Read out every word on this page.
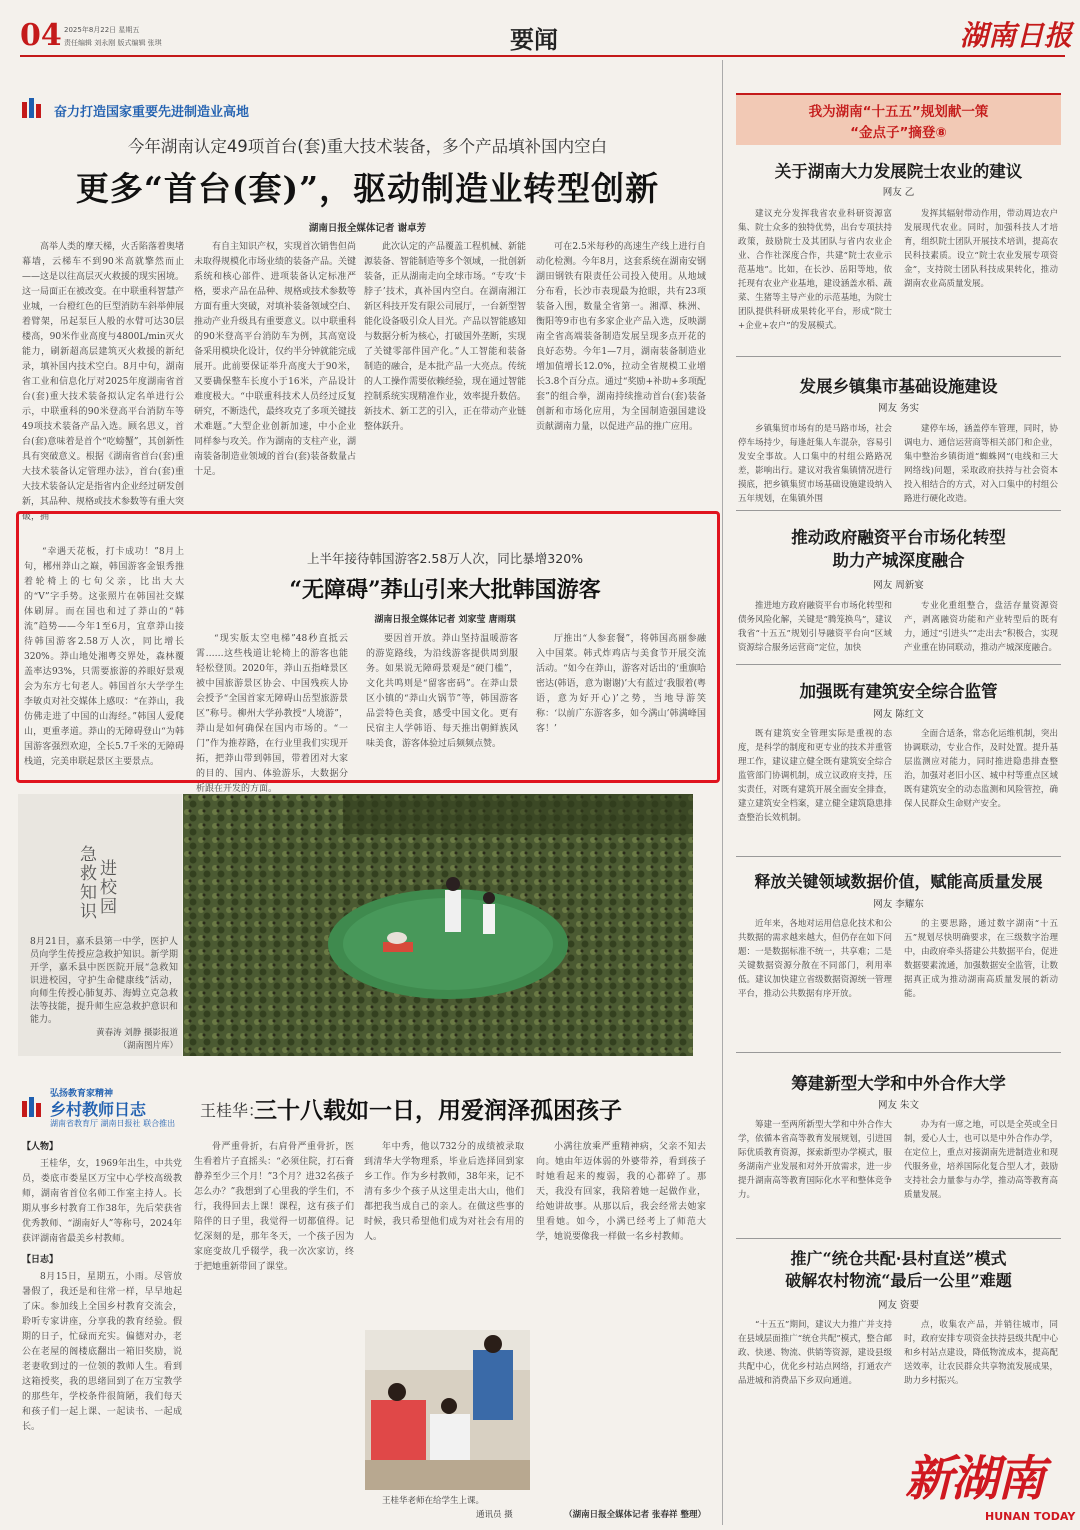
04 2025年8月22日 星期五
责任编辑 刘永刚 版式编辑 张琪	要闻	湖南日报
奋力打造国家重要先进制造业高地
今年湖南认定49项首台(套)重大技术装备，多个产品填补国内空白
更多“首台(套)”，驱动制造业转型创新
湖南日报全媒体记者 谢卓芳

高举人类的摩天梯，火舌陷落着奥堵幕墙，云梯车不到90米高就擎然而止——这是以往高层灭火救援的现实困境。这一局面正在被改变。在中联重科智慧产业城，一台橙红色的巨型消防车斜举伸展着臂架，吊起泵巨人般的水臂可达30层楼高，90米作业高度与4800L/min灭火能力，刷新超高层建筑灭火救援的新纪录，填补国内技术空白。8月中旬，湖南省工业和信息化厅对2025年度湖南省首台(套)重大技术装备拟认定名单进行公示，中联重科的90米登高平台消防车等49项技术装备产品入选。顾名思义，首台(套)意味着是首个“吃螃蟹”，其创新性具有突破意义。根据《湖南省首台(套)重大技术装备认定管理办法》，首台(套)重大技术装备认定是指省内企业经过研发创新，其品种、规格或技术参数等有重大突破，拥

有自主知识产权，实现首次销售但尚未取得规模化市场业绩的装备产品。关键系统和核心部件、进项装备认定标准严格，要求产品在品种、规格或技术参数等方面有重大突破，对填补装备领域空白、推动产业升级具有重要意义。以中联重科的90米登高平台消防车为例，其高宽设备采用模块化设计，仅约半分钟就能完成展开。此前要保证举升高度大于90米，又要确保整车长度小于16米，产品设计难度极大。“中联重科技术人员经过反复研究，不断迭代，最终攻克了多项关键技术难题。”大型企业创新加速，中小企业同样参与攻关。作为湖南的支柱产业，湖南装备制造业领域的首台(套)装备数量占十足。

此次认定的产品覆盖工程机械、新能源装备、智能制造等多个领域，一批创新装备，正从湖南走向全球市场。“专攻‘卡脖子’技术，真补国内空白。在湖南湘江新区科技开发有限公司展厅，一台新型智能化设备吸引众人目光。产品以智能感知与数据分析为核心，打破国外垄断，实现了关键零部件国产化。”人工智能和装备制造的融合，是本批产品一大亮点。传统的人工操作需要依赖经验，现在通过智能控制系统实现精准作业，效率提升数倍。新技术、新工艺的引入，正在带动产业链整体跃升。

可在2.5米每秒的高速生产线上进行自动化检测。今年8月，这套系统在湖南安钢湖田钢铁有限责任公司投入使用。从地域分布看，长沙市表现最为抢眼，共有23项装备入围，数量全省第一。湘潭、株洲、衡阳等9市也有多家企业产品入选，反映湖南全省高端装备制造发展呈现多点开花的良好态势。今年1—7月，湖南装备制造业增加值增长12.0%，拉动全省规模工业增长3.8个百分点。通过“奖励+补助+多项配套”的组合拳，湖南持续推动首台(套)装备创新和市场化应用，为全国制造强国建设贡献湖南力量，以促进产品的推广应用。

上半年接待韩国游客2.58万人次，同比暴增320%
“无障碍”莽山引来大批韩国游客
湖南日报全媒体记者 刘家莹 唐雨琪

“幸遇天花板，打卡成功！”8月上旬，郴州莽山之巅，韩国游客金银秀推着轮椅上的七旬父亲，比出大大的“V”字手势。这张照片在韩国社交媒体刷屏。而在国也和过了莽山的“韩流”趋势——今年1至6月，宜章莽山接待韩国游客2.58万人次，同比增长320%。莽山地处湘粤交界处，森林覆盖率达93%，只需要旅游的养眼好景观会为东方七旬老人。韩国首尔大学学生李敏贞对社交媒体上感叹：“在莽山，我仿佛走进了中国的山海经。”韩国人爱爬山，更重孝道。莽山的无障碍登山“为韩国游客强烈欢迎，全长5.7千米的无障碍栈道，完美串联起景区主要景点。

“现实版太空电梯”48秒直抵云霄……这些栈道让轮椅上的游客也能轻松登顶。2020年，莽山五指峰景区被中国旅游景区协会、中国残疾人协会授予“全国首家无障碍山岳型旅游景区”称号。柳州大学孙教授“人境游”，莽山是如何确保在国内市场的。“一门”作为推荐路，在行业里我们实现开拓，把莽山带到韩国，带着团对大家的目的、国内、体验游乐，大数据分析跟在开发的方面。

要因首开放。莽山坚持温暖游客的游览路线，为沿线游客提供周到服务。如果说无障碍景观是“硬门槛”，文化共鸣则是“留客密码”。在莽山景区小镇的“莽山火锅节”等，韩国游客品尝特色美食，感受中国文化。更有民宿主人学韩语、每天推出朝鲜族风味美食，游客体验过后频频点赞。

厅推出“人参套餐”，将韩国高丽参融入中国菜。韩式炸鸡店与美食节开展交流活动。“如今在莽山，游客对话出的‘重旗哈密达(韩语，意为谢谢)’大有蓝过‘我服着(粤语，意为好开心)’之势，当地导游笑称：‘以前广东游客多，如今满山’韩满峰国客！’

急救知识
进校园

8月21日，嘉禾县第一中学，医护人员向学生传授应急救护知识。新学期开学，嘉禾县中医医院开展“急救知识进校园，守护生命健康线”活动，向师生传授心肺复苏、海姆立克急救法等技能，提升师生应急救护意识和能力。

黄春涛 刘静 摄影报道
（湖南图片库）
弘扬教育家精神
乡村教师日志
湖南省教育厅 湖南日报社 联合推出
王桂华：
三十八载如一日，用爱润泽孤困孩子

【人物】

王桂华，女，1969年出生，中共党员，娄底市娄星区万宝中心学校高级教师，湖南省首位名师工作室主持人。长期从事乡村教育工作38年，先后荣获省优秀教师、“湖南好人”等称号，2024年获评湖南省最美乡村教师。

【日志】

8月15日，星期五，小雨。尽管放暑假了，我还是和往常一样，早早地起了床。参加线上全国乡村教育交流会，聆听专家讲座，分享我的教育经验。假期的日子，忙碌而充实。偏德对办，老公在老屋的阁楼底翻出一箱旧奖励，说老妻收到过的一位领的教师人生。看到这箱授奖，我的思绪回到了在万宝教学的那些年，学校条件很简陋，我们每天和孩子们一起上课、一起读书、一起成长。

骨严重骨折，右肩骨严重骨折，医生看着片子直摇头：“必须住院，打石膏静养至少三个月！”3个月？进32名孩子怎么办？”我想到了心里我的学生们，不行，我得回去上课！课程，这有孩子们陪伴的日子里，我觉得一切都值得。记忆深刻的是，那年冬天，一个孩子因为家庭变故几乎辍学，我一次次家访，终于把她重新带回了课堂。

年中秀，他以732分的成绩被录取到清华大学物理系，毕业后选择回到家乡工作。作为乡村教师，38年来，记不清有多少个孩子从这里走出大山，他们都把我当成自己的亲人。在做这些事的时候，我只希望他们成为对社会有用的人。

小满往放乘严重精神病，父亲不知去向。她由年迈体弱的外婆带养，看到孩子时她看起来的瘦弱，我的心都碎了。那天，我没有回家，我陪着她一起做作业，给她讲故事。从那以后，我会经常去她家里看她。如今，小满已经考上了师范大学，她说要像我一样做一名乡村教师。

王桂华老师在给学生上课。
通讯员 摄	（湖南日报全媒体记者 张春祥 整理）
我为湖南“十五五”规划献一策
“金点子”摘登⑧
关于湖南大力发展院士农业的建议
网友 乙

建议充分发挥我省农业科研资源富集、院士众多的独特优势，出台专项扶持政策，鼓励院士及其团队与省内农业企业、合作社深度合作，共建“院士农业示范基地”。比如，在长沙、岳阳等地，依托现有农业产业基地，建设涵盖水稻、蔬菜、生猪等主导产业的示范基地，为院士团队提供科研成果转化平台，形成“院士+企业+农户”的发展模式。

发挥其辐射带动作用，带动周边农户发展现代农业。同时，加强科技人才培育，组织院士团队开展技术培训，提高农民科技素质。设立“院士农业发展专项资金”，支持院士团队科技成果转化，推动湖南农业高质量发展。

发展乡镇集市基础设施建设
网友 务实

乡镇集贸市场有的是马路市场，社会停车场持少，每逢赶集人车混杂，容易引发安全事故。人口集中的村组公路路况差，影响出行。建议对我省集镇情况进行摸底，把乡镇集贸市场基础设施建设纳入五年规划，在集镇外围

建停车场，涵盖停车管理，同时，协调电力、通信运营商等相关部门和企业，集中整治乡镇街道“蜘蛛网”(电线和三大网络线)问题，采取政府扶持与社会资本投入相结合的方式，对入口集中的村组公路进行硬化改造。

推动政府融资平台市场化转型
助力产城深度融合
网友 周新宴

推进地方政府融资平台市场化转型和债务风险化解，关键是“腾笼换鸟”，建议我省“十五五”规划引导融资平台向“区域资源综合服务运营商”定位，加快

专业化重组整合，盘活存量资源资产，剥离融资功能和产业转型后的既有力，通过“引进头”“走出去”积极合，实现产业重在协同联动，推动产城深度融合。

加强既有建筑安全综合监管
网友 陈红文

既有建筑安全管理实际是重视的态度，是科学的制度和更专业的技术并重管理工作，建议建立健全既有建筑安全综合监管部门协调机制，成立议政府支持，压实责任，对既有建筑开展全面安全排查，建立建筑安全档案，建立健全建筑隐患排查整治长效机制。

全面合适条，常态化运维机制，突出协调联动，专业合作，及时处置。提升基层监测应对能力，同时推进隐患排查整治，加强对老旧小区、城中村等重点区域既有建筑安全的动态监测和风险管控，确保人民群众生命财产安全。

释放关键领域数据价值，赋能高质量发展
网友 李耀东

近年来，各地对运用信息化技术和公共数据的需求越来越大，但仍存在如下问题：一是数据标准不统一，共享难；二是关键数据资源分散在不同部门，利用率低。建议加快建立省级数据资源统一管理平台，推动公共数据有序开放。

的主要思路，通过数字湖南“十五五”规划尽快明确要求，在三级数字治理中，由政府牵头搭建公共数据平台，促进数据要素流通，加强数据安全监管，让数据真正成为推动湖南高质量发展的新动能。

筹建新型大学和中外合作大学
网友 朱文

筹建一至两所新型大学和中外合作大学，依循本省高等教育发展规划，引进国际优质教育资源，探索新型办学模式，服务湖南产业发展和对外开放需求，进一步提升湖南高等教育国际化水平和整体竞争力。

办为有一席之地，可以是全英或全日制，爱心人士，也可以是中外合作办学，在定位上，重点对接湖南先进制造业和现代服务业，培养国际化复合型人才，鼓励支持社会力量参与办学，推动高等教育高质量发展。

推广“统仓共配·县村直送”模式
破解农村物流“最后一公里”难题
网友 资要

“十五五”期间，建议大力推广并支持在县域层面推广“统仓共配”模式，整合邮政、快递、物流、供销等资源，建设县级共配中心，优化乡村站点网络，打通农产品进城和消费品下乡双向通道。

点，收集农产品，并销往城市，同时，政府安排专项资金扶持县级共配中心和乡村站点建设，降低物流成本，提高配送效率，让农民群众共享物流发展成果，助力乡村振兴。

新湖南
HUNAN TODAY
